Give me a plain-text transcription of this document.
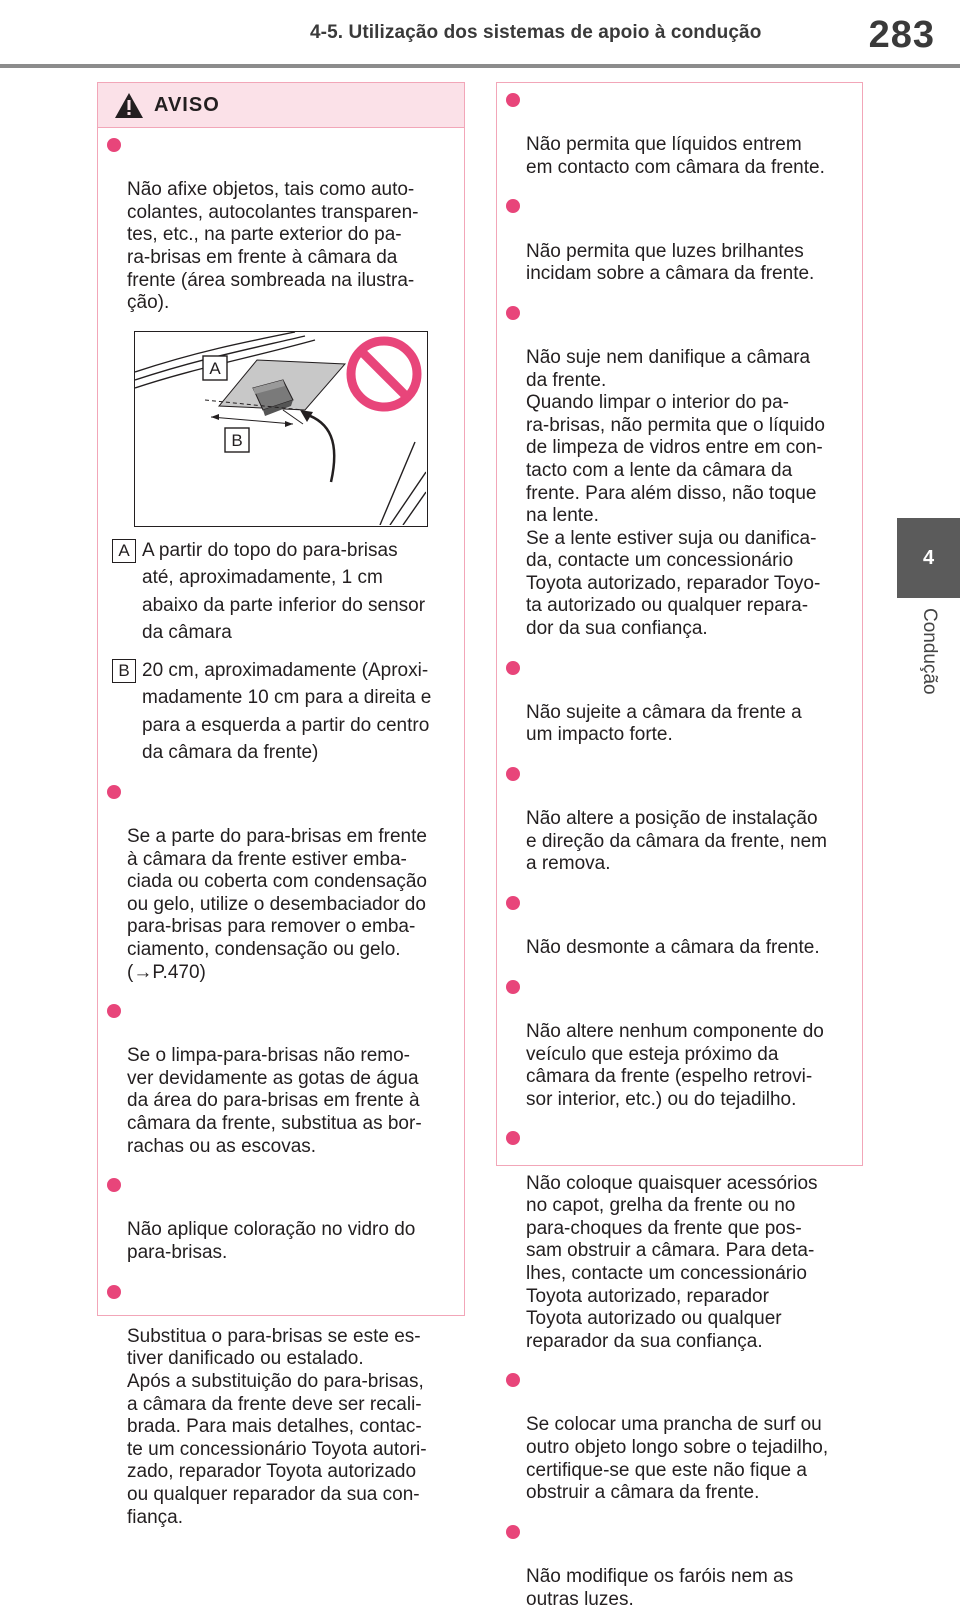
4-5. Utilização dos sistemas de apoio à condução	283
4
Condução
AVISO

Não afixe objetos, tais como auto-
colantes, autocolantes transparen-
tes, etc., na parte exterior do pa-
ra-brisas em frente à câmara da
frente (área sombreada na ilustra-
ção).

A
B
A A partir do topo do para-brisas
até, aproximadamente, 1 cm
abaixo da parte inferior do sensor
da câmara
B 20 cm, aproximadamente (Aproxi-
madamente 10 cm para a direita e
para a esquerda a partir do centro
da câmara da frente)

Se a parte do para-brisas em frente
à câmara da frente estiver emba-
ciada ou coberta com condensação
ou gelo, utilize o desembaciador do
para-brisas para remover o emba-
ciamento, condensação ou gelo.
(→P.470)

Se o limpa-para-brisas não remo-
ver devidamente as gotas de água
da área do para-brisas em frente à
câmara da frente, substitua as bor-
rachas ou as escovas.

Não aplique coloração no vidro do
para-brisas.

Substitua o para-brisas se este es-
tiver danificado ou estalado.
Após a substituição do para-brisas,
a câmara da frente deve ser recali-
brada. Para mais detalhes, contac-
te um concessionário Toyota autori-
zado, reparador Toyota autorizado
ou qualquer reparador da sua con-
fiança.

Não permita que líquidos entrem
em contacto com câmara da frente.

Não permita que luzes brilhantes
incidam sobre a câmara da frente.

Não suje nem danifique a câmara
da frente.
Quando limpar o interior do pa-
ra-brisas, não permita que o líquido
de limpeza de vidros entre em con-
tacto com a lente da câmara da
frente. Para além disso, não toque
na lente.
Se a lente estiver suja ou danifica-
da, contacte um concessionário
Toyota autorizado, reparador Toyo-
ta autorizado ou qualquer repara-
dor da sua confiança.

Não sujeite a câmara da frente a
um impacto forte.

Não altere a posição de instalação
e direção da câmara da frente, nem
a remova.

Não desmonte a câmara da frente.

Não altere nenhum componente do
veículo que esteja próximo da
câmara da frente (espelho retrovi-
sor interior, etc.) ou do tejadilho.

Não coloque quaisquer acessórios
no capot, grelha da frente ou no
para-choques da frente que pos-
sam obstruir a câmara. Para deta-
lhes, contacte um concessionário
Toyota autorizado, reparador
Toyota autorizado ou qualquer
reparador da sua confiança.

Se colocar uma prancha de surf ou
outro objeto longo sobre o tejadilho,
certifique-se que este não fique a
obstruir a câmara da frente.

Não modifique os faróis nem as
outras luzes.
